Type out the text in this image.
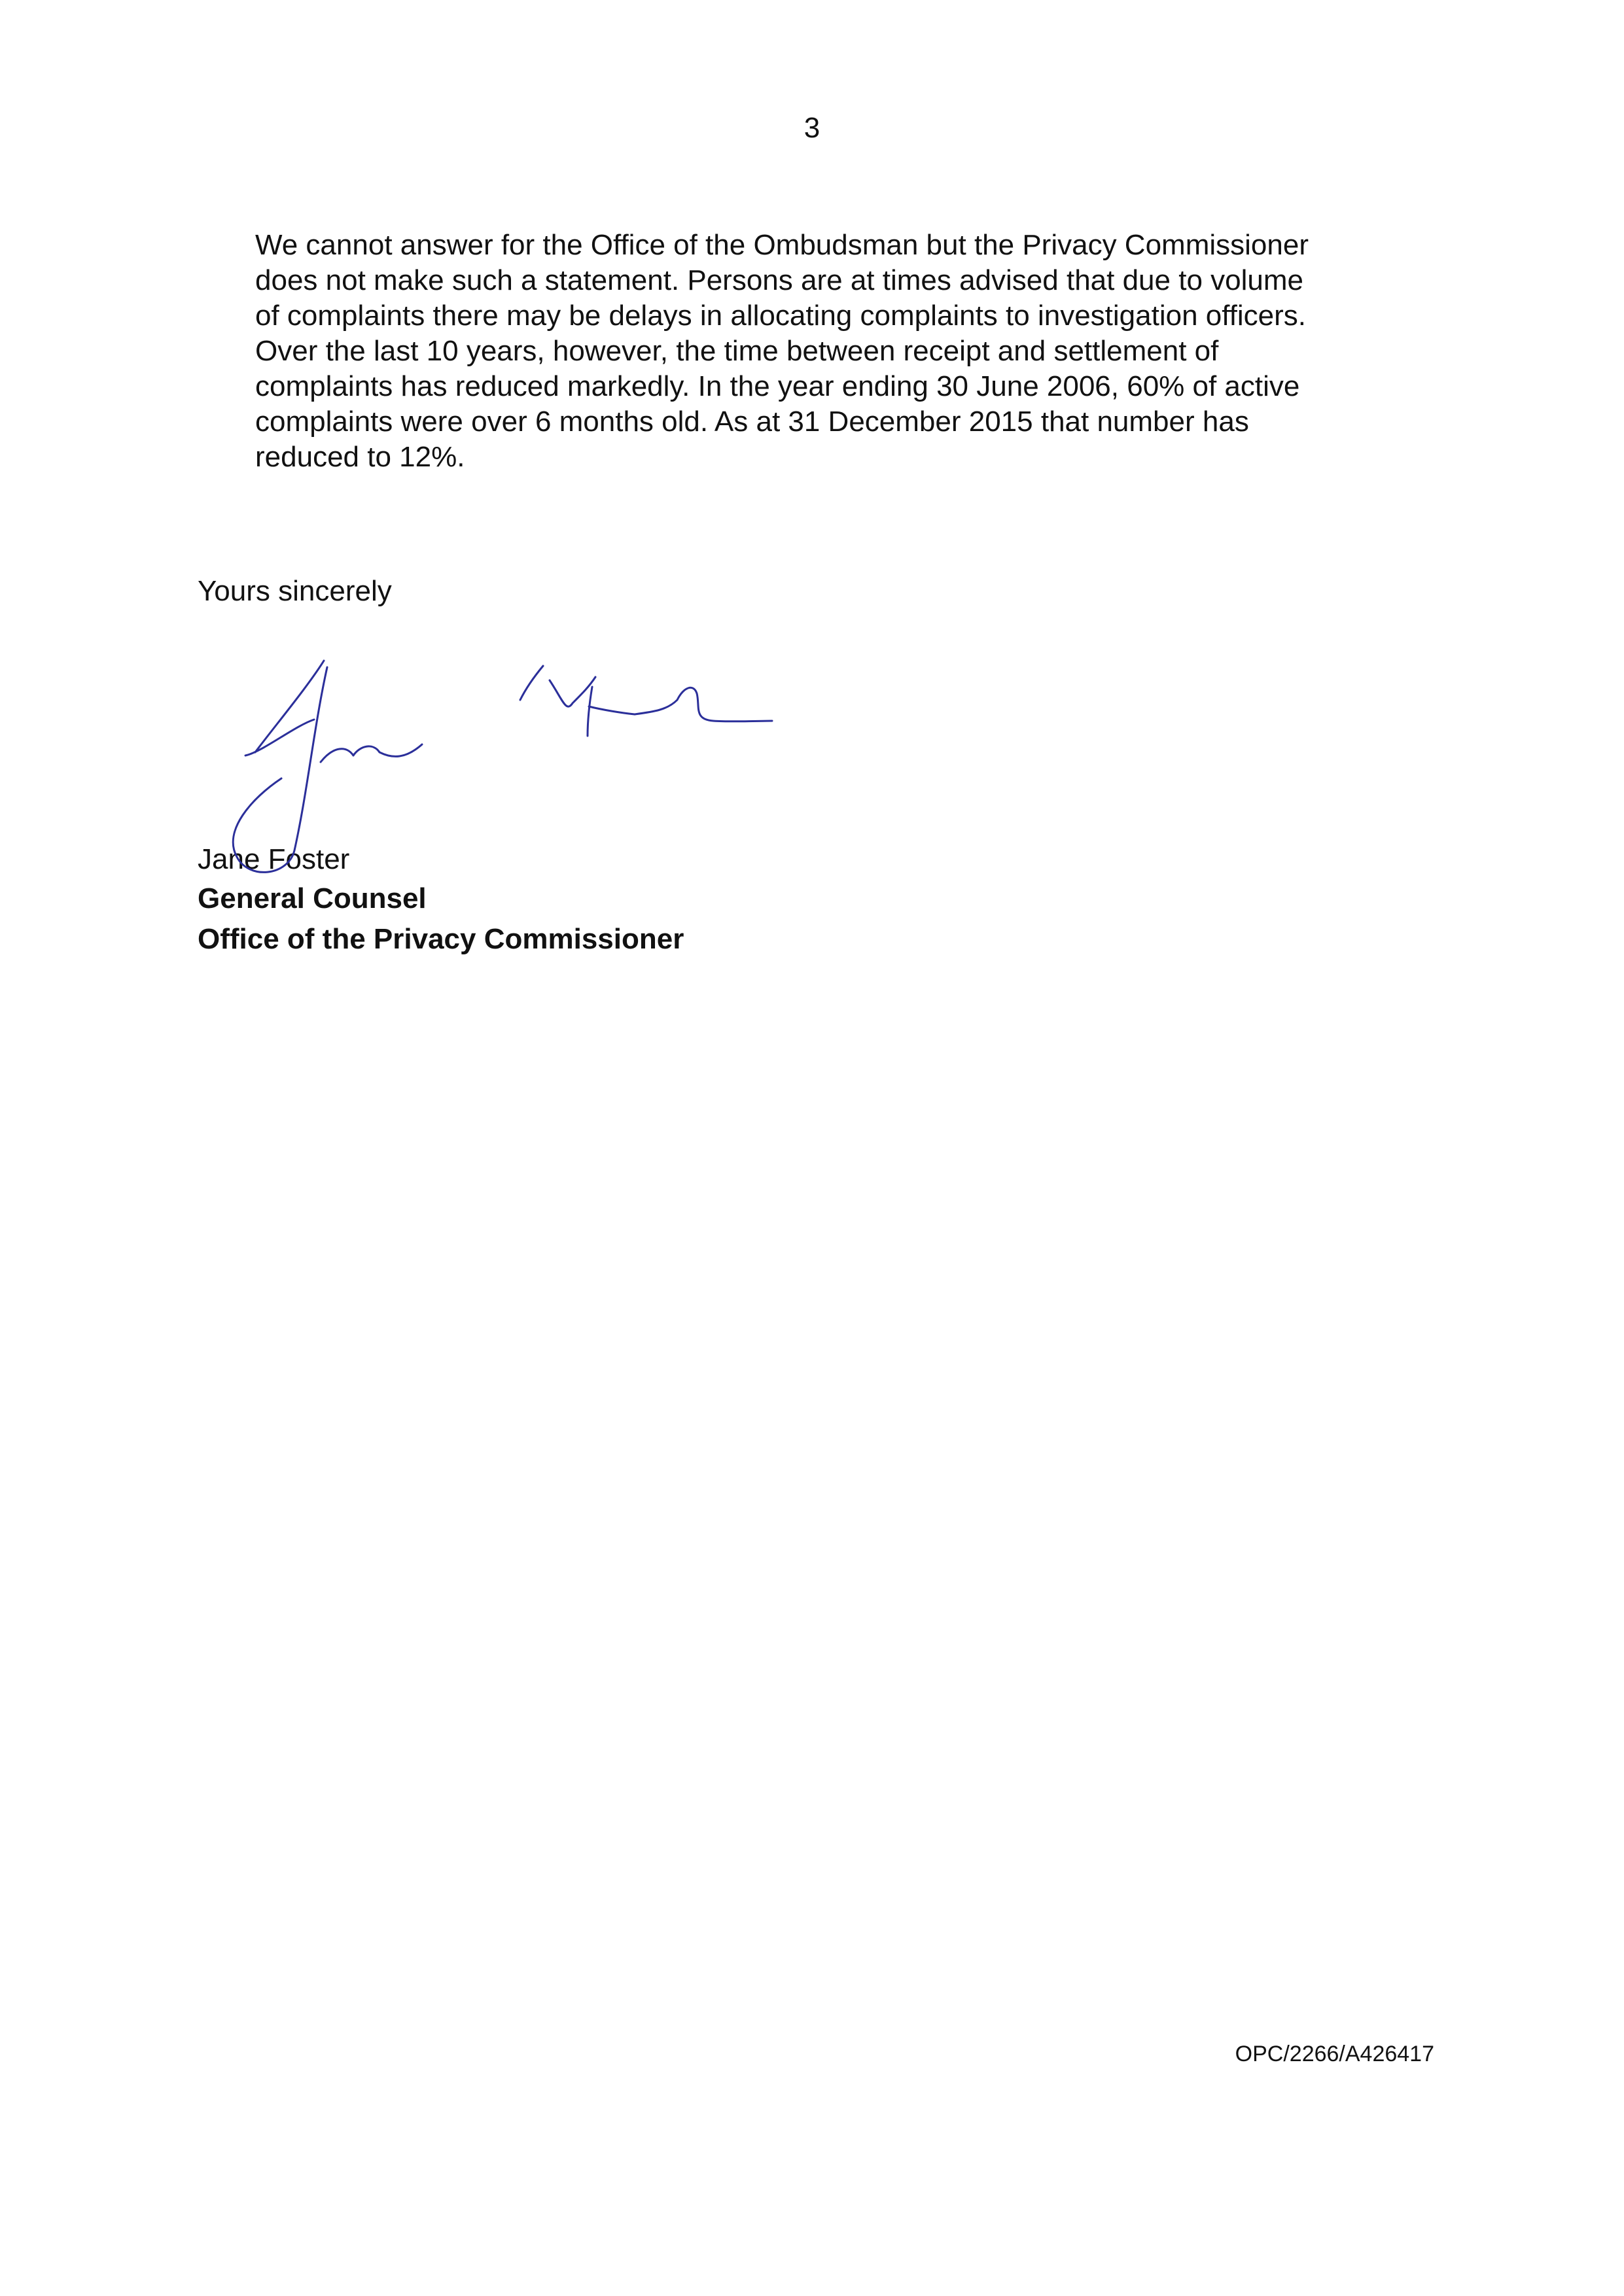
3

We cannot answer for the Office of the Ombudsman but the Privacy Commissioner
does not make such a statement. Persons are at times advised that due to volume
of complaints there may be delays in allocating complaints to investigation officers.
Over the last 10 years, however, the time between receipt and settlement of
complaints has reduced markedly. In the year ending 30 June 2006, 60% of active
complaints were over 6 months old. As at 31 December 2015 that number has
reduced to 12%.

Yours sincerely

Jane Foster

General Counsel

Office of the Privacy Commissioner

OPC/2266/A426417
